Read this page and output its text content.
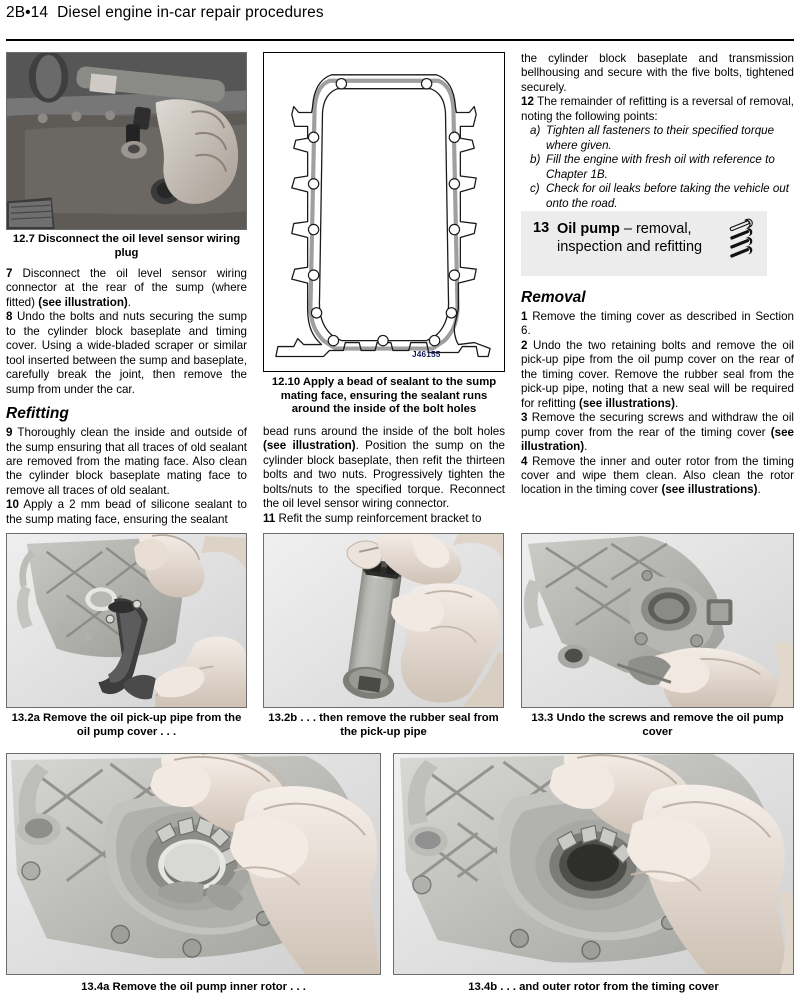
2B•14 Diesel engine in-car repair procedures
12.7 Disconnect the oil level sensor wiring plug

7 Disconnect the oil level sensor wiring connector at the rear of the sump (where fitted) (see illustration).

8 Undo the bolts and nuts securing the sump to the cylinder block baseplate and timing cover. Using a wide-bladed scraper or similar tool inserted between the sump and baseplate, carefully break the joint, then remove the sump from under the car.

Refitting

9 Thoroughly clean the inside and outside of the sump ensuring that all traces of old sealant are removed from the mating face. Also clean the cylinder block baseplate mating face to remove all traces of old sealant.

10 Apply a 2 mm bead of silicone sealant to the sump mating face, ensuring the sealant

J46155
12.10 Apply a bead of sealant to the sump mating face, ensuring the sealant runs around the inside of the bolt holes

bead runs around the inside of the bolt holes (see illustration). Position the sump on the cylinder block baseplate, then refit the thirteen bolts and two nuts. Progressively tighten the bolts/nuts to the specified torque. Reconnect the oil level sensor wiring connector.

11 Refit the sump reinforcement bracket to

the cylinder block baseplate and transmission bellhousing and secure with the five bolts, tightened securely.

12 The remainder of refitting is a reversal of removal, noting the following points:

a) Tighten all fasteners to their specified torque where given.
b) Fill the engine with fresh oil with reference to Chapter 1B.
c) Check for oil leaks before taking the vehicle out onto the road.
13 Oil pump – removal, inspection and refitting

Removal

1 Remove the timing cover as described in Section 6.

2 Undo the two retaining bolts and remove the oil pick-up pipe from the oil pump cover on the rear of the timing cover. Remove the rubber seal from the pick-up pipe, noting that a new seal will be required for refitting (see illustrations).

3 Remove the securing screws and withdraw the oil pump cover from the rear of the timing cover (see illustration).

4 Remove the inner and outer rotor from the timing cover and wipe them clean. Also clean the rotor location in the timing cover (see illustrations).

13.2a Remove the oil pick-up pipe from the oil pump cover . . .
13.2b . . . then remove the rubber seal from the pick-up pipe
13.3 Undo the screws and remove the oil pump cover
13.4a Remove the oil pump inner rotor . . .	13.4b . . . and outer rotor from the timing cover
